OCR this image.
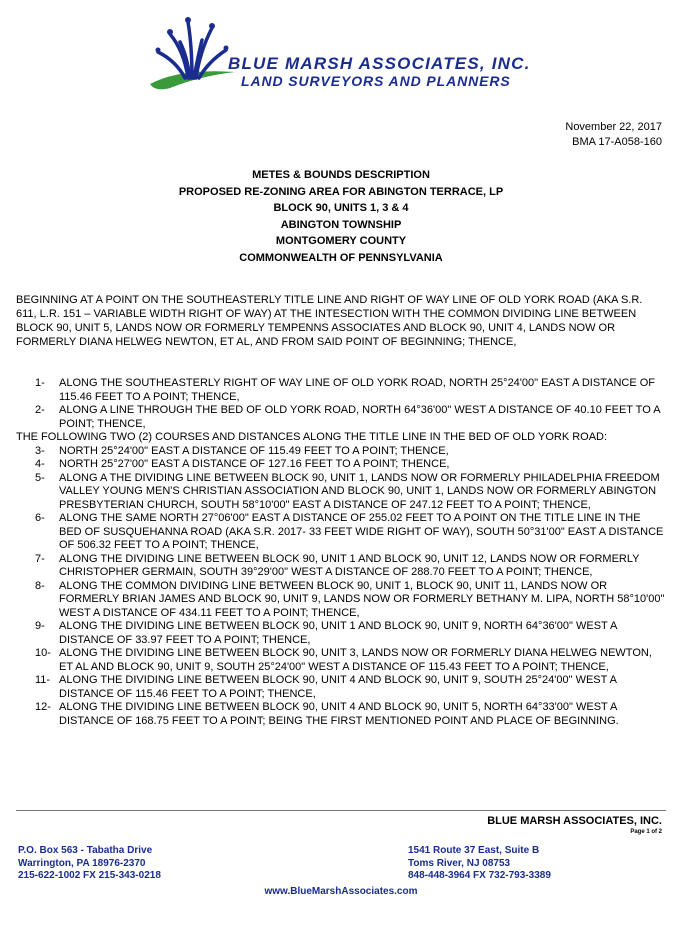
BLUE MARSH ASSOCIATES, INC.
LAND SURVEYORS AND PLANNERS
November 22, 2017
BMA 17-A058-160
METES & BOUNDS DESCRIPTION
PROPOSED RE-ZONING AREA FOR ABINGTON TERRACE, LP
BLOCK 90, UNITS 1, 3 & 4
ABINGTON TOWNSHIP
MONTGOMERY COUNTY
COMMONWEALTH OF PENNSYLVANIA
BEGINNING AT A POINT ON THE SOUTHEASTERLY TITLE LINE AND RIGHT OF WAY LINE OF OLD YORK ROAD (AKA S.R. 611, L.R. 151 – VARIABLE WIDTH RIGHT OF WAY) AT THE INTESECTION WITH THE COMMON DIVIDING LINE BETWEEN BLOCK 90, UNIT 5, LANDS NOW OR FORMERLY TEMPENNS ASSOCIATES AND BLOCK 90, UNIT 4, LANDS NOW OR FORMERLY DIANA HELWEG NEWTON, ET AL, AND FROM SAID POINT OF BEGINNING; THENCE,
1-	ALONG THE SOUTHEASTERLY RIGHT OF WAY LINE OF OLD YORK ROAD, NORTH 25°24'00" EAST A DISTANCE OF 115.46 FEET TO A POINT; THENCE,
2-	ALONG A LINE THROUGH THE BED OF OLD YORK ROAD, NORTH 64°36'00" WEST A DISTANCE OF 40.10 FEET TO A POINT; THENCE,
THE FOLLOWING TWO (2) COURSES AND DISTANCES ALONG THE TITLE LINE IN THE BED OF OLD YORK ROAD:
3-	NORTH 25°24'00" EAST A DISTANCE OF 115.49 FEET TO A POINT; THENCE,
4-	NORTH 25°27'00" EAST A DISTANCE OF 127.16 FEET TO A POINT; THENCE,
5-	ALONG A THE DIVIDING LINE BETWEEN BLOCK 90, UNIT 1, LANDS NOW OR FORMERLY PHILADELPHIA FREEDOM VALLEY YOUNG MEN'S CHRISTIAN ASSOCIATION AND BLOCK 90, UNIT 1, LANDS NOW OR FORMERLY ABINGTON PRESBYTERIAN CHURCH, SOUTH 58°10'00" EAST A DISTANCE OF 247.12 FEET TO A POINT; THENCE,
6-	ALONG THE SAME NORTH 27°06'00" EAST A DISTANCE OF 255.02 FEET TO A POINT ON THE TITLE LINE IN THE BED OF SUSQUEHANNA ROAD (AKA S.R. 2017- 33 FEET WIDE RIGHT OF WAY), SOUTH 50°31'00" EAST A DISTANCE OF 506.32 FEET TO A POINT; THENCE,
7-	ALONG THE DIVIDING LINE BETWEEN BLOCK 90, UNIT 1 AND BLOCK 90, UNIT 12, LANDS NOW OR FORMERLY CHRISTOPHER GERMAIN, SOUTH 39°29'00" WEST A DISTANCE OF 288.70 FEET TO A POINT; THENCE,
8-	ALONG THE COMMON DIVIDING LINE BETWEEN BLOCK 90, UNIT 1, BLOCK 90, UNIT 11, LANDS NOW OR FORMERLY BRIAN JAMES AND BLOCK 90, UNIT 9, LANDS NOW OR FORMERLY BETHANY M. LIPA, NORTH 58°10'00" WEST A DISTANCE OF 434.11 FEET TO A POINT; THENCE,
9-	ALONG THE DIVIDING LINE BETWEEN BLOCK 90, UNIT 1 AND BLOCK 90, UNIT 9, NORTH 64°36'00" WEST A DISTANCE OF 33.97 FEET TO A POINT; THENCE,
10- ALONG THE DIVIDING LINE BETWEEN BLOCK 90, UNIT 3, LANDS NOW OR FORMERLY DIANA HELWEG NEWTON, ET AL AND BLOCK 90, UNIT 9, SOUTH 25°24'00" WEST A DISTANCE OF 115.43 FEET TO A POINT; THENCE,
11- ALONG THE DIVIDING LINE BETWEEN BLOCK 90, UNIT 4 AND BLOCK 90, UNIT 9, SOUTH 25°24'00" WEST A DISTANCE OF 115.46 FEET TO A POINT; THENCE,
12- ALONG THE DIVIDING LINE BETWEEN BLOCK 90, UNIT 4 AND BLOCK 90, UNIT 5, NORTH 64°33'00" WEST A DISTANCE OF 168.75 FEET TO A POINT; BEING THE FIRST MENTIONED POINT AND PLACE OF BEGINNING.
BLUE MARSH ASSOCIATES, INC.
Page 1 of 2
P.O. Box 563 - Tabatha Drive
Warrington, PA 18976-2370
215-622-1002 FX 215-343-0218
1541 Route 37 East, Suite B
Toms River, NJ 08753
848-448-3964 FX 732-793-3389
www.BlueMarshAssociates.com
